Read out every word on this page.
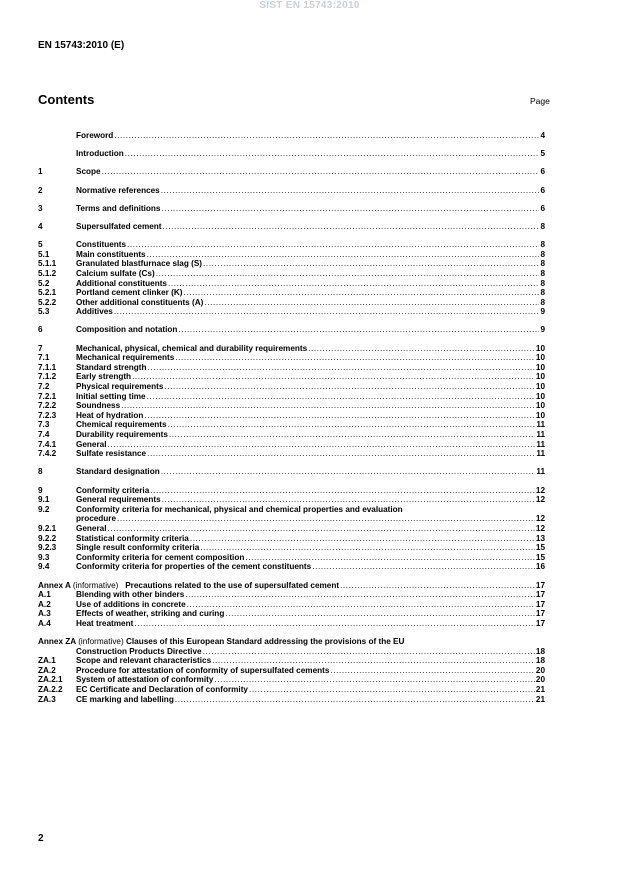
SIST EN 15743:2010
EN 15743:2010 (E)
Contents	Page
Foreword .....	4
Introduction .....	5
1	Scope .....	6
2	Normative references .....	6
3	Terms and definitions .....	6
4	Supersulfated cement .....	8
5	Constituents .....	8
5.1	Main constituents .....	8
5.1.1	Granulated blastfurnace slag (S) .....	8
5.1.2	Calcium sulfate (Cs) .....	8
5.2	Additional constituents .....	8
5.2.1	Portland cement clinker (K) .....	8
5.2.2	Other additional constituents (A) .....	8
5.3	Additives .....	9
6	Composition and notation .....	9
7	Mechanical, physical, chemical and durability requirements .....	10
7.1	Mechanical requirements .....	10
7.1.1	Standard strength .....	10
7.1.2	Early strength .....	10
7.2	Physical requirements .....	10
7.2.1	Initial setting time .....	10
7.2.2	Soundness .....	10
7.2.3	Heat of hydration .....	10
7.3	Chemical requirements .....	11
7.4	Durability requirements .....	11
7.4.1	General .....	11
7.4.2	Sulfate resistance .....	11
8	Standard designation .....	11
9	Conformity criteria .....	12
9.1	General requirements .....	12
9.2	Conformity criteria for mechanical, physical and chemical properties and evaluation
procedure .....	12
9.2.1	General .....	12
9.2.2	Statistical conformity criteria .....	13
9.2.3	Single result conformity criteria .....	15
9.3	Conformity criteria for cement composition .....	15
9.4	Conformity criteria for properties of the cement constituents .....	16
Annex A (informative) Precautions related to the use of supersulfated cement .....	17
A.1	Blending with other binders .....	17
A.2	Use of additions in concrete .....	17
A.3	Effects of weather, striking and curing .....	17
A.4	Heat treatment .....	17
Annex ZA (informative) Clauses of this European Standard addressing the provisions of the EU
Construction Products Directive .....	18
ZA.1	Scope and relevant characteristics .....	18
ZA.2	Procedure for attestation of conformity of supersulfated cements .....	20
ZA.2.1	System of attestation of conformity .....	20
ZA.2.2	EC Certificate and Declaration of conformity .....	21
ZA.3	CE marking and labelling .....	21
2
